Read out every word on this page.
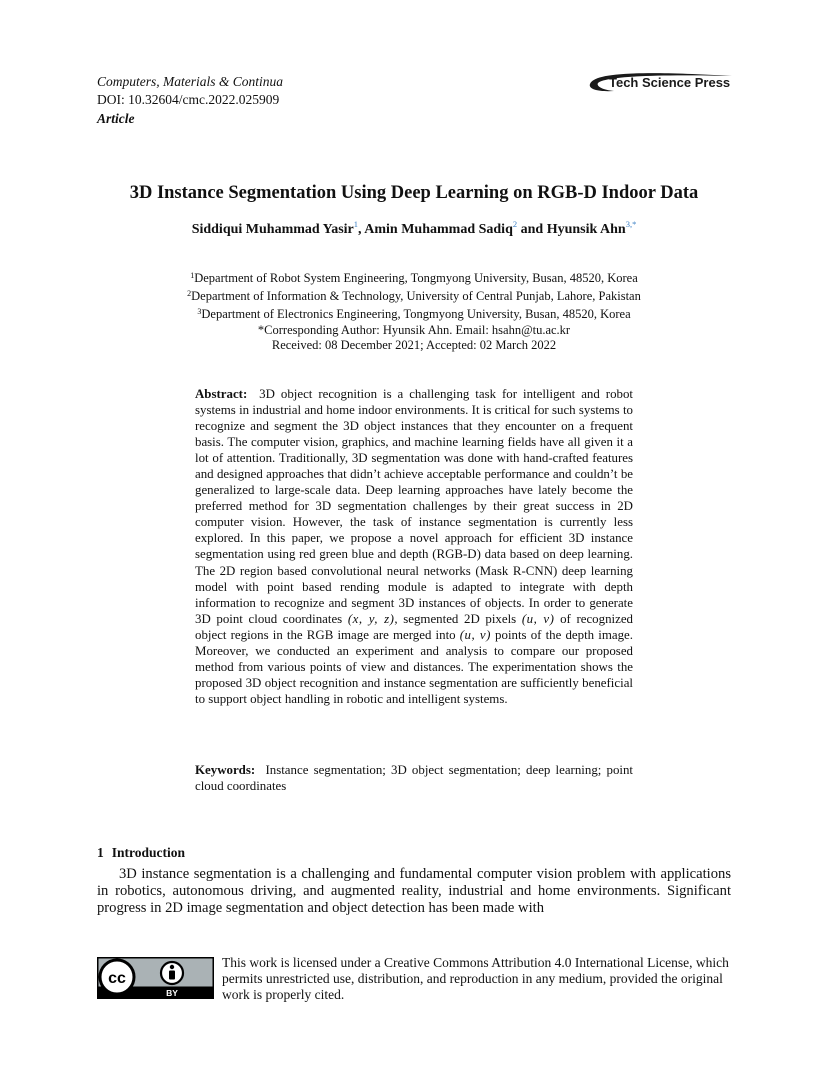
Computers, Materials & Continua
DOI: 10.32604/cmc.2022.025909
Article
Tech Science Press
3D Instance Segmentation Using Deep Learning on RGB-D Indoor Data
Siddiqui Muhammad Yasir$^1$, Amin Muhammad Sadiq$^2$ and Hyunsik Ahn$^{3,*}$
$^1$Department of Robot System Engineering, Tongmyong University, Busan, 48520, Korea
$^2$Department of Information & Technology, University of Central Punjab, Lahore, Pakistan
$^3$Department of Electronics Engineering, Tongmyong University, Busan, 48520, Korea
*Corresponding Author: Hyunsik Ahn. Email: hsahn@tu.ac.kr
Received: 08 December 2021; Accepted: 02 March 2022
Abstract: 3D object recognition is a challenging task for intelligent and robot systems in industrial and home indoor environments. It is critical for such systems to recognize and segment the 3D object instances that they encounter on a frequent basis. The computer vision, graphics, and machine learning fields have all given it a lot of attention. Traditionally, 3D segmentation was done with hand-crafted features and designed approaches that didn’t achieve acceptable performance and couldn’t be generalized to large-scale data. Deep learning approaches have lately become the preferred method for 3D segmentation challenges by their great success in 2D computer vision. However, the task of instance segmentation is currently less explored. In this paper, we propose a novel approach for efficient 3D instance segmentation using red green blue and depth (RGB-D) data based on deep learning. The 2D region based convolutional neural networks (Mask R-CNN) deep learning model with point based rending module is adapted to integrate with depth information to recognize and segment 3D instances of objects. In order to generate 3D point cloud coordinates (x, y, z), segmented 2D pixels (u, v) of recognized object regions in the RGB image are merged into (u, v) points of the depth image. Moreover, we conducted an experiment and analysis to compare our proposed method from various points of view and distances. The experimentation shows the proposed 3D object recognition and instance segmentation are sufficiently beneficial to support object handling in robotic and intelligent systems.
Keywords: Instance segmentation; 3D object segmentation; deep learning; point cloud coordinates
1 Introduction
3D instance segmentation is a challenging and fundamental computer vision problem with applications in robotics, autonomous driving, and augmented reality, industrial and home environments. Significant progress in 2D image segmentation and object detection has been made with
cc
BY
This work is licensed under a Creative Commons Attribution 4.0 International License, which permits unrestricted use, distribution, and reproduction in any medium, provided the original work is properly cited.
